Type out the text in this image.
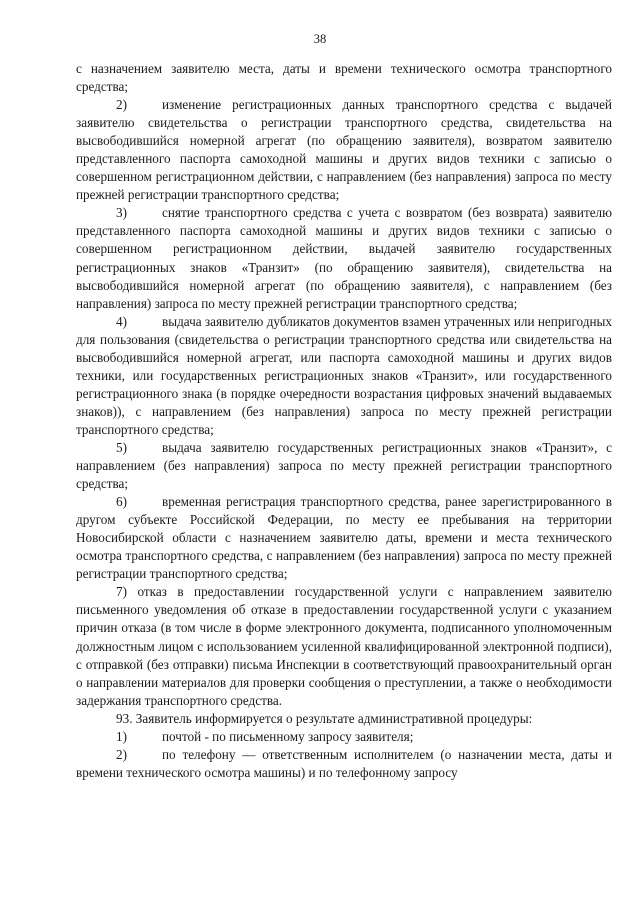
38

с назначением заявителю места, даты и времени технического осмотра транспортного средства;

2)	изменение регистрационных данных транспортного средства с выдачей заявителю свидетельства о регистрации транспортного средства, свидетельства на высвободившийся номерной агрегат (по обращению заявителя), возвратом заявителю представленного паспорта самоходной машины и других видов техники с записью о совершенном регистрационном действии, с направлением (без направления) запроса по месту прежней регистрации транспортного средства;

3)	снятие транспортного средства с учета с возвратом (без возврата) заявителю представленного паспорта самоходной машины и других видов техники с записью о совершенном регистрационном действии, выдачей заявителю государственных регистрационных знаков «Транзит» (по обращению заявителя), свидетельства на высвободившийся номерной агрегат (по обращению заявителя), с направлением (без направления) запроса по месту прежней регистрации транспортного средства;

4)	выдача заявителю дубликатов документов взамен утраченных или непригодных для пользования (свидетельства о регистрации транспортного средства или свидетельства на высвободившийся номерной агрегат, или паспорта самоходной машины и других видов техники, или государственных регистрационных знаков «Транзит», или государственного регистрационного знака (в порядке очередности возрастания цифровых значений выдаваемых знаков)), с направлением (без направления) запроса по месту прежней регистрации транспортного средства;

5)	выдача заявителю государственных регистрационных знаков «Транзит», с направлением (без направления) запроса по месту прежней регистрации транспортного средства;

6)	временная регистрация транспортного средства, ранее зарегистрированного в другом субъекте Российской Федерации, по месту ее пребывания на территории Новосибирской области с назначением заявителю даты, времени и места технического осмотра транспортного средства, с направлением (без направления) запроса по месту прежней регистрации транспортного средства;

7) отказ в предоставлении государственной услуги с направлением заявителю письменного уведомления об отказе в предоставлении государственной услуги с указанием причин отказа (в том числе в форме электронного документа, подписанного уполномоченным должностным лицом с использованием усиленной квалифицированной электронной подписи), с отправкой (без отправки) письма Инспекции в соответствующий правоохранительный орган о направлении материалов для проверки сообщения о преступлении, а также о необходимости задержания транспортного средства.

93. Заявитель информируется о результате административной процедуры:

1)	почтой - по письменному запросу заявителя;

2)	по телефону — ответственным исполнителем (о назначении места, даты и времени технического осмотра машины) и по телефонному запросу
